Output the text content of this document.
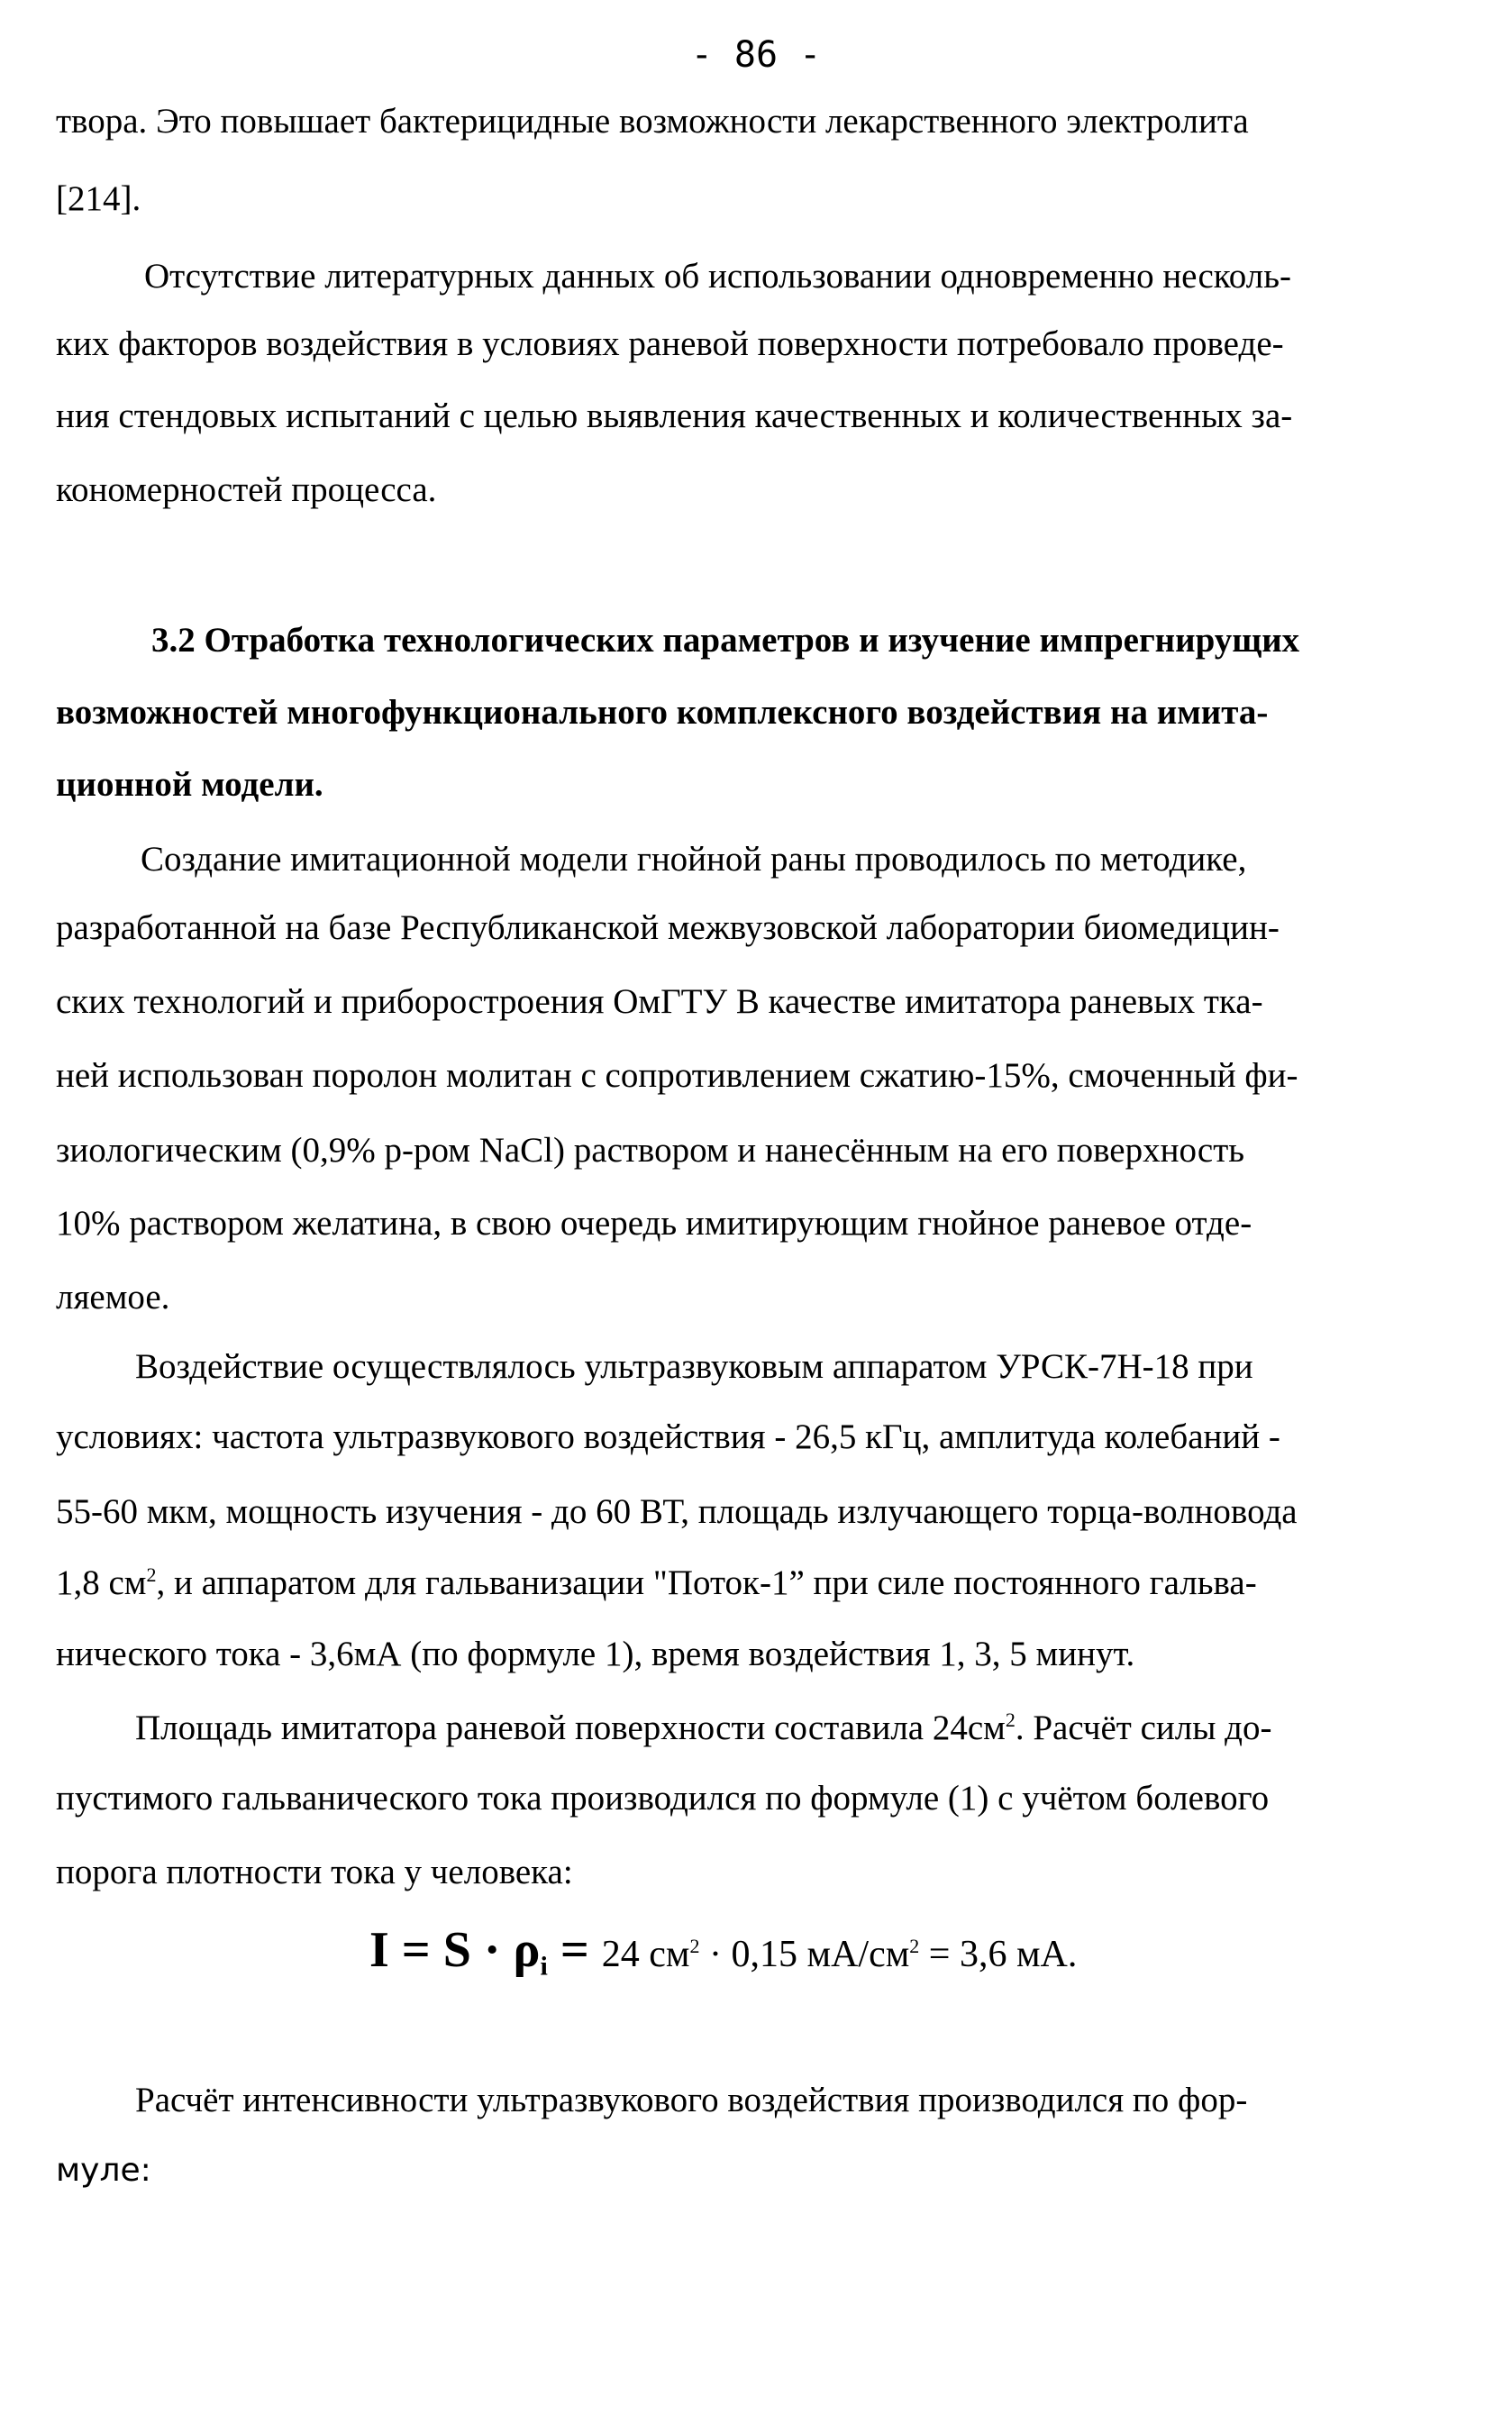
- 86 -
твора. Это повышает бактерицидные возможности лекарственного электролита
[214].
Отсутствие литературных данных об использовании одновременно несколь-
ких факторов воздействия в условиях раневой поверхности потребовало проведе-
ния стендовых испытаний с целью выявления качественных и количественных за-
кономерностей процесса.
3.2 Отработка технологических параметров и изучение импрегнирущих
возможностей многофункционального комплексного воздействия на имита-
ционной модели.
Создание имитационной модели гнойной раны проводилось по методике,
разработанной на базе Республиканской межвузовской лаборатории биомедицин-
ских технологий и приборостроения ОмГТУ В качестве имитатора раневых тка-
ней использован поролон молитан с сопротивлением сжатию-15%, смоченный фи-
зиологическим (0,9% р-ром NaCl) раствором и нанесённым на его поверхность
10% раствором желатина, в свою очередь имитирующим гнойное раневое отде-
ляемое.
Воздействие осуществлялось ультразвуковым аппаратом УРСК-7Н-18 при
условиях: частота ультразвукового воздействия - 26,5 кГц, амплитуда колебаний -
55-60 мкм, мощность изучения - до 60 ВТ, площадь излучающего торца-волновода
1,8 $см^2$, и аппаратом для гальванизации "Поток-1” при силе постоянного гальва-
нического тока - 3,6мА (по формуле 1), время воздействия 1, 3, 5 минут.
Площадь имитатора раневой поверхности составила $24см^2$. Расчёт силы до-
пустимого гальванического тока производился по формуле (1) с учётом болевого
порога плотности тока у человека:
$I = S \cdot \rho_i = 24$ $см^2 \cdot 0,15$ $мА/см^2 = 3,6$ мА.
Расчёт интенсивности ультразвукового воздействия производился по фор-
муле:
